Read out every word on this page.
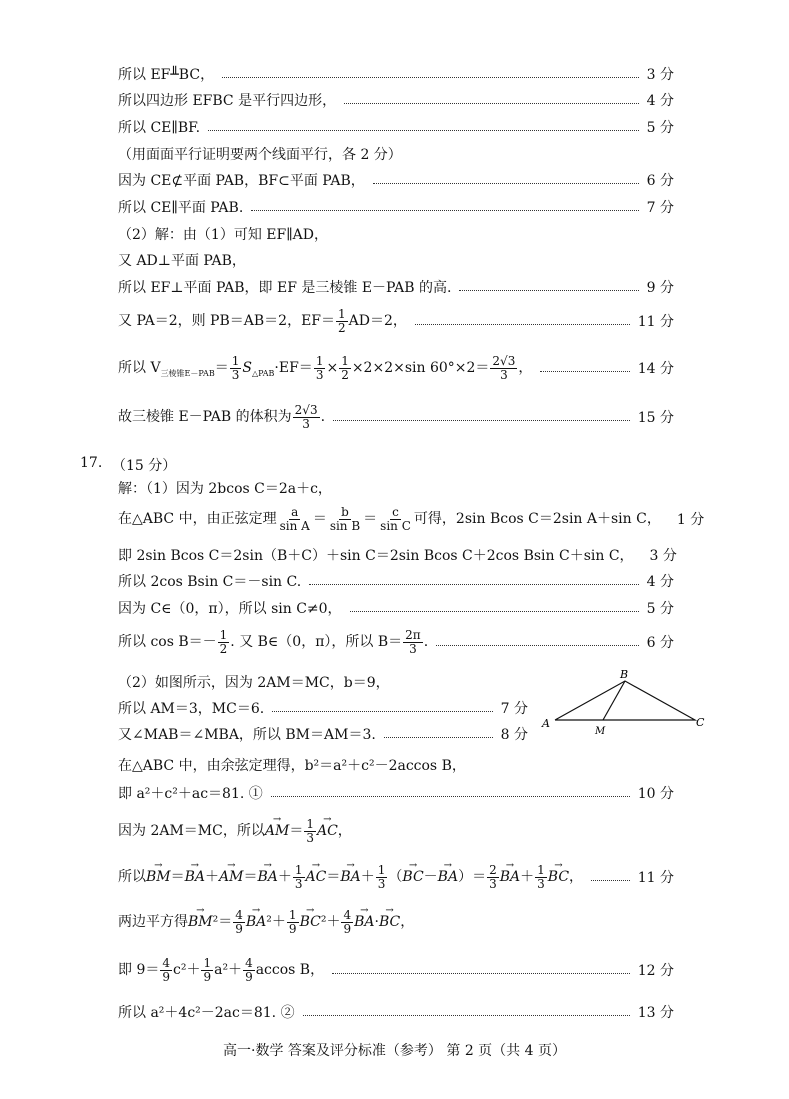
所以 EF╨BC，	3 分
所以四边形 EFBC 是平行四边形，	4 分
所以 CE∥BF.	5 分
（用面面平行证明要两个线面平行，各 2 分）
因为 CE⊄平面 PAB，BF⊂平面 PAB，	6 分
所以 CE∥平面 PAB.	7 分
（2）解：由（1）可知 EF∥AD，
又 AD⊥平面 PAB，
所以 EF⊥平面 PAB，即 EF 是三棱锥 E－PAB 的高.	9 分
又 PA＝2，则 PB＝AB＝2，$EF= \frac{1}{2} AD=2$，	11 分
所以 $V_{三棱锥E-PAB}= \frac{1}{3} S_{\triangle PAB}\cdot EF= \frac{1}{3} \times \frac{1}{2} \times 2\times 2\times\sin$ $60^\circ\times 2= \frac{2√3}{3}$ ，	14 分
故三棱锥 E－PAB 的体积为 $\frac{2√3}{3}$ .	15 分
17. （15 分）
解：（1）因为 2bcos C＝2a＋c，
在△ABC 中，由正弦定理 $\frac{a}{\text{sin A}} = \frac{b}{\text{sin B}} = \frac{c}{\text{sin C}}$ 可得，2sin Bcos C＝2sin A＋sin C， 1 分
即 2sin Bcos C＝2sin（B＋C）＋sin C＝2sin Bcos C＋2cos Bsin C＋sin C， 3 分
所以 2cos Bsin C＝－sin C.	4 分
因为 C∈（0，π），所以 sin C≠0，	5 分
所以 $\cos B=- \frac{1}{2}$ . 又 B∈（0，π），所以 $B= \frac{2\pi}{3}$ .	6 分
（2）如图所示，因为 2AM＝MC，b＝9，
所以 AM＝3，MC＝6.	7 分
又∠MAB＝∠MBA，所以 BM＝AM＝3.	8 分
A
B
C
M
在△ABC 中，由余弦定理得，b²＝a²＋c²－2accos B，
即 a²＋c²＋ac＝81. ①	10 分
因为 2AM＝MC，所以→ $AM= \frac{1}{3}$
→ AC，
所以→ $BM=\to BA+\to AM=\to BA+ \frac{1}{3}$
→ $AC=\to BA+ \frac{1}{3}$ （→ $BC-\to BA)= \frac{2}{3}$
→ $BA+ \frac{1}{3}$
→ BC，	11 分
两边平方得→ $BM^2= \frac{4}{9}$
→ $BA^2+ \frac{1}{9}$
→ $BC^2+ \frac{4}{9}$
→ BA·→ BC，
即 $9= \frac{4}{9} c^2+ \frac{1}{9} a^2+ \frac{4}{9}$ accos B，	12 分
所以 a²＋4c²－2ac＝81. ②	13 分
高一·数学 答案及评分标准（参考） 第 2 页（共 4 页）
